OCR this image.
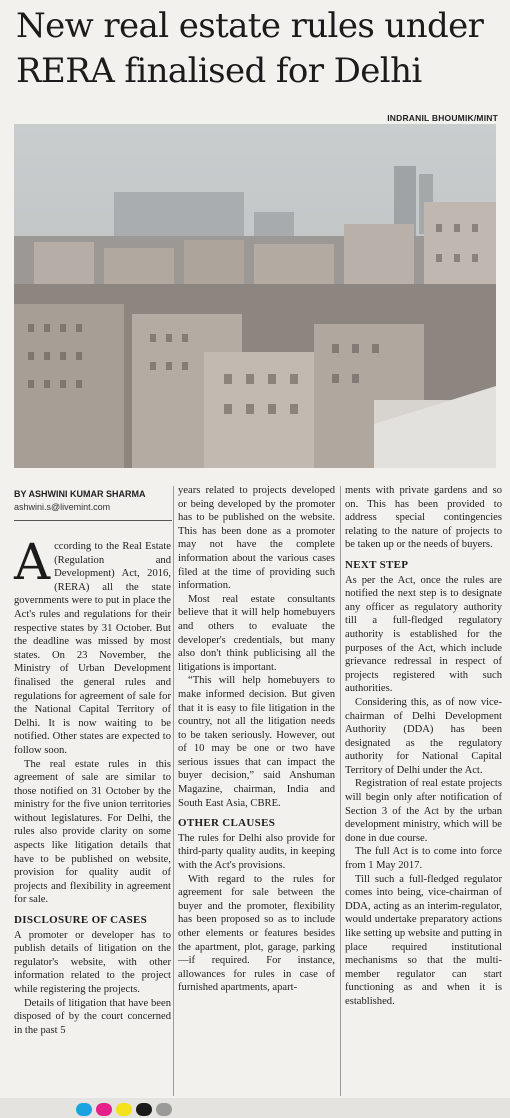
New real estate rules under
RERA finalised for Delhi
INDRANIL BHOUMIK/MINT
BY ASHWINI KUMAR SHARMA
ashwini.s@livemint.com

According to the Real Estate (Regulation and Development) Act, 2016, (RERA) all the state governments were to put in place the Act's rules and regulations for their respective states by 31 October. But the deadline was missed by most states. On 23 November, the Ministry of Urban Development finalised the general rules and regulations for agreement of sale for the National Capital Territory of Delhi. It is now waiting to be notified. Other states are expected to follow soon.

The real estate rules in this agreement of sale are similar to those notified on 31 October by the ministry for the five union territories without legislatures. For Delhi, the rules also provide clarity on some aspects like litigation details that have to be published on website, provision for quality audit of projects and flexibility in agreement for sale.

DISCLOSURE OF CASES

A promoter or developer has to publish details of litigation on the regulator's website, with other information related to the project while registering the projects.

Details of litigation that have been disposed of by the court concerned in the past 5

years related to projects developed or being developed by the promoter has to be published on the website. This has been done as a promoter may not have the complete information about the various cases filed at the time of providing such information.

Most real estate consultants believe that it will help homebuyers and others to evaluate the developer's credentials, but many also don't think publicising all the litigations is important.

“This will help homebuyers to make informed decision. But given that it is easy to file litigation in the country, not all the litigation needs to be taken seriously. However, out of 10 may be one or two have serious issues that can impact the buyer decision,” said Anshuman Magazine, chairman, India and South East Asia, CBRE.

OTHER CLAUSES

The rules for Delhi also provide for third-party quality audits, in keeping with the Act's provisions.

With regard to the rules for agreement for sale between the buyer and the promoter, flexibility has been proposed so as to include other elements or features besides the apartment, plot, garage, parking—if required. For instance, allowances for rules in case of furnished apartments, apart-

ments with private gardens and so on. This has been provided to address special contingencies relating to the nature of projects to be taken up or the needs of buyers.

NEXT STEP

As per the Act, once the rules are notified the next step is to designate any officer as regulatory authority till a full-fledged regulatory authority is established for the purposes of the Act, which include grievance redressal in respect of projects registered with such authorities.

Considering this, as of now vice-chairman of Delhi Development Authority (DDA) has been designated as the regulatory authority for National Capital Territory of Delhi under the Act.

Registration of real estate projects will begin only after notification of Section 3 of the Act by the urban development ministry, which will be done in due course.

The full Act is to come into force from 1 May 2017.

Till such a full-fledged regulator comes into being, vice-chairman of DDA, acting as an interim-regulator, would undertake preparatory actions like setting up website and putting in place required institutional mechanisms so that the multi-member regulator can start functioning as and when it is established.
